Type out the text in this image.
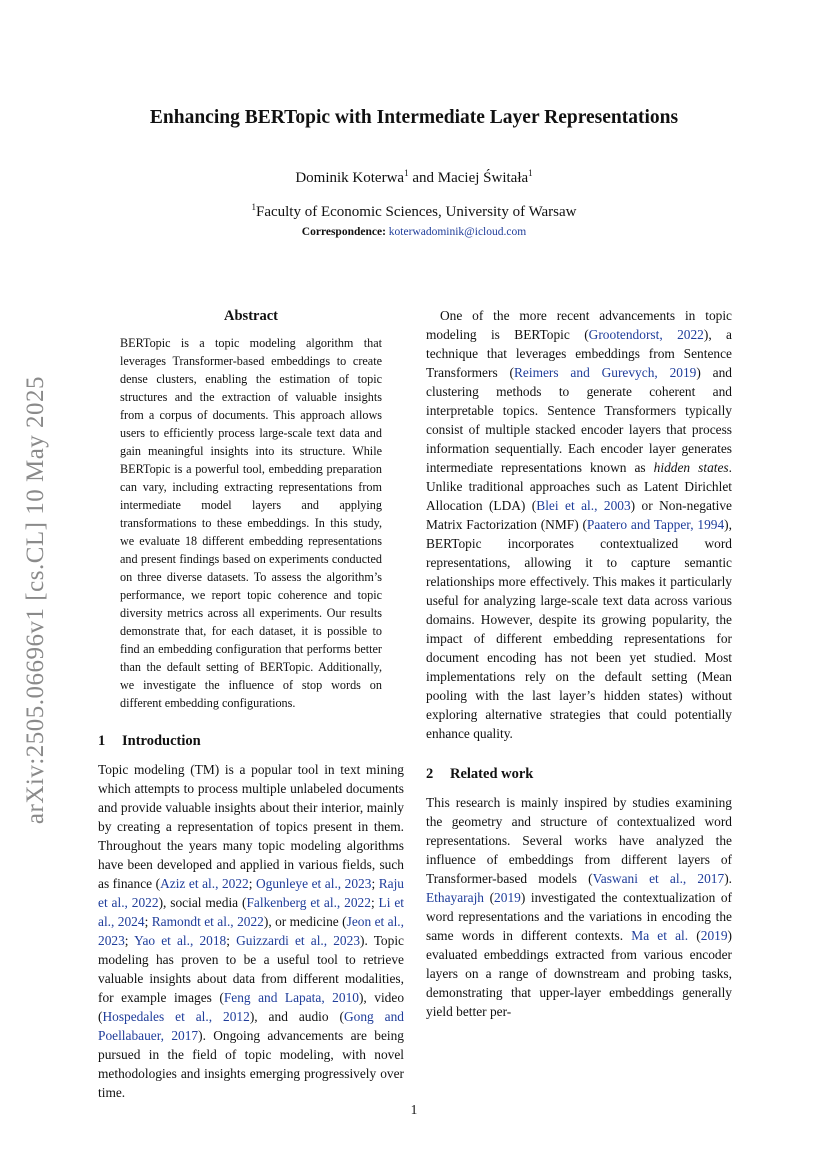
arXiv:2505.06696v1 [cs.CL] 10 May 2025
Enhancing BERTopic with Intermediate Layer Representations
Dominik Koterwa$^1$ and Maciej Świtała$^1$
$^1$Faculty of Economic Sciences, University of Warsaw
Correspondence: koterwadominik@icloud.com
Abstract

BERTopic is a topic modeling algorithm that leverages Transformer-based embeddings to create dense clusters, enabling the estimation of topic structures and the extraction of valuable insights from a corpus of documents. This approach allows users to efficiently process large-scale text data and gain meaningful insights into its structure. While BERTopic is a powerful tool, embedding preparation can vary, including extracting representations from intermediate model layers and applying transformations to these embeddings. In this study, we evaluate 18 different embedding representations and present findings based on experiments conducted on three diverse datasets. To assess the algorithm’s performance, we report topic coherence and topic diversity metrics across all experiments. Our results demonstrate that, for each dataset, it is possible to find an embedding configuration that performs better than the default setting of BERTopic. Additionally, we investigate the influence of stop words on different embedding configurations.

1 Introduction

Topic modeling (TM) is a popular tool in text mining which attempts to process multiple unlabeled documents and provide valuable insights about their interior, mainly by creating a representation of topics present in them. Throughout the years many topic modeling algorithms have been developed and applied in various fields, such as finance (Aziz et al., 2022; Ogunleye et al., 2023; Raju et al., 2022), social media (Falkenberg et al., 2022; Li et al., 2024; Ramondt et al., 2022), or medicine (Jeon et al., 2023; Yao et al., 2018; Guizzardi et al., 2023). Topic modeling has proven to be a useful tool to retrieve valuable insights about data from different modalities, for example images (Feng and Lapata, 2010), video (Hospedales et al., 2012), and audio (Gong and Poellabauer, 2017). Ongoing advancements are being pursued in the field of topic modeling, with novel methodologies and insights emerging progressively over time.

One of the more recent advancements in topic modeling is BERTopic (Grootendorst, 2022), a technique that leverages embeddings from Sentence Transformers (Reimers and Gurevych, 2019) and clustering methods to generate coherent and interpretable topics. Sentence Transformers typically consist of multiple stacked encoder layers that process information sequentially. Each encoder layer generates intermediate representations known as hidden states. Unlike traditional approaches such as Latent Dirichlet Allocation (LDA) (Blei et al., 2003) or Non-negative Matrix Factorization (NMF) (Paatero and Tapper, 1994), BERTopic incorporates contextualized word representations, allowing it to capture semantic relationships more effectively. This makes it particularly useful for analyzing large-scale text data across various domains. However, despite its growing popularity, the impact of different embedding representations for document encoding has not been yet studied. Most implementations rely on the default setting (Mean pooling with the last layer’s hidden states) without exploring alternative strategies that could potentially enhance quality.

2 Related work

This research is mainly inspired by studies examining the geometry and structure of contextualized word representations. Several works have analyzed the influence of embeddings from different layers of Transformer-based models (Vaswani et al., 2017). Ethayarajh (2019) investigated the contextualization of word representations and the variations in encoding the same words in different contexts. Ma et al. (2019) evaluated embeddings extracted from various encoder layers on a range of downstream and probing tasks, demonstrating that upper-layer embeddings generally yield better per-

1
